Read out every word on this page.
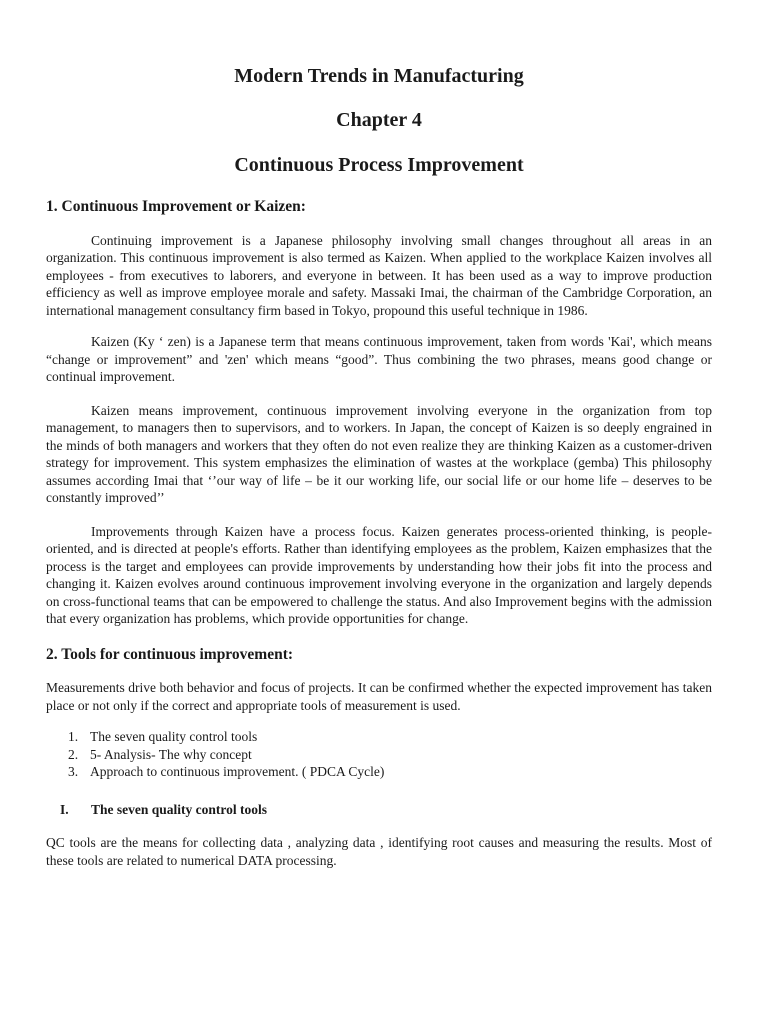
Modern Trends in Manufacturing
Chapter 4
Continuous Process Improvement
1. Continuous Improvement or Kaizen:

Continuing improvement is a Japanese philosophy involving small changes throughout all areas in an organization. This continuous improvement is also termed as Kaizen. When applied to the workplace Kaizen involves all employees - from executives to laborers, and everyone in between. It has been used as a way to improve production efficiency as well as improve employee morale and safety. Massaki Imai, the chairman of the Cambridge Corporation, an international management consultancy firm based in Tokyo, propound this useful technique in 1986.

Kaizen (Ky ‘ zen) is a Japanese term that means continuous improvement, taken from words 'Kai', which means “change or improvement” and 'zen' which means “good”. Thus combining the two phrases, means good change or continual improvement.

Kaizen means improvement, continuous improvement involving everyone in the organization from top management, to managers then to supervisors, and to workers. In Japan, the concept of Kaizen is so deeply engrained in the minds of both managers and workers that they often do not even realize they are thinking Kaizen as a customer-driven strategy for improvement. This system emphasizes the elimination of wastes at the workplace (gemba) This philosophy assumes according Imai that ‘’our way of life – be it our working life, our social life or our home life – deserves to be constantly improved’’

Improvements through Kaizen have a process focus. Kaizen generates process-oriented thinking, is people-oriented, and is directed at people's efforts. Rather than identifying employees as the problem, Kaizen emphasizes that the process is the target and employees can provide improvements by understanding how their jobs fit into the process and changing it. Kaizen evolves around continuous improvement involving everyone in the organization and largely depends on cross-functional teams that can be empowered to challenge the status. And also Improvement begins with the admission that every organization has problems, which provide opportunities for change.

2. Tools for continuous improvement:

Measurements drive both behavior and focus of projects. It can be confirmed whether the expected improvement has taken place or not only if the correct and appropriate tools of measurement is used.

1. The seven quality control tools
2. 5- Analysis- The why concept
3. Approach to continuous improvement. ( PDCA Cycle)
I. The seven quality control tools

QC tools are the means for collecting data , analyzing data , identifying root causes and measuring the results. Most of these tools are related to numerical DATA processing.
